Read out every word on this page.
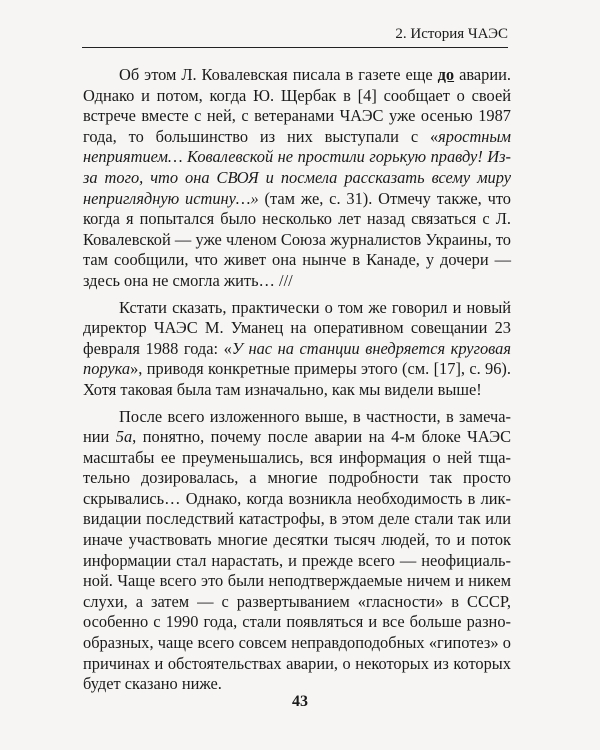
2. История ЧАЭС

Об этом Л. Ковалевская писала в газете еще до аварии. Однако и потом, когда Ю. Щербак в [4] сообщает о своей встрече вместе с ней, с ветеранами ЧАЭС уже осенью 1987 года, то большинство из них выступали с «яростным неприятием… Ковалевской не простили горькую правду! Из-за того, что она СВОЯ и посмела рассказать всему миру неприглядную истину…» (там же, с. 31). Отмечу также, что когда я попытался было несколько лет назад связаться с Л. Ковалевской — уже членом Союза журналистов Украины, то там сообщили, что живет она нынче в Канаде, у дочери — здесь она не смогла жить… ///

Кстати сказать, практически о том же говорил и новый директор ЧАЭС М. Уманец на оперативном совещании 23 февраля 1988 года: «У нас на станции внедряется круговая порука», приводя конкретные примеры этого (см. [17], с. 96). Хотя таковая была там изначально, как мы видели выше!

После всего изложенного выше, в частности, в замечании 5а, понятно, почему после аварии на 4-м блоке ЧАЭС масштабы ее преуменьшались, вся информация о ней тщательно дозировалась, а многие подробности так просто скрывались… Однако, когда возникла необходимость в ликвидации последствий катастрофы, в этом деле стали так или иначе участвовать многие десятки тысяч людей, то и поток информации стал нарастать, и прежде всего — неофициальной. Чаще всего это были неподтверждаемые ничем и никем слухи, а затем — с развертыванием «гласности» в СССР, особенно с 1990 года, стали появляться и все больше разнообразных, чаще всего совсем неправдоподобных «гипотез» о причинах и обстоятельствах аварии, о некоторых из которых будет сказано ниже.

43
